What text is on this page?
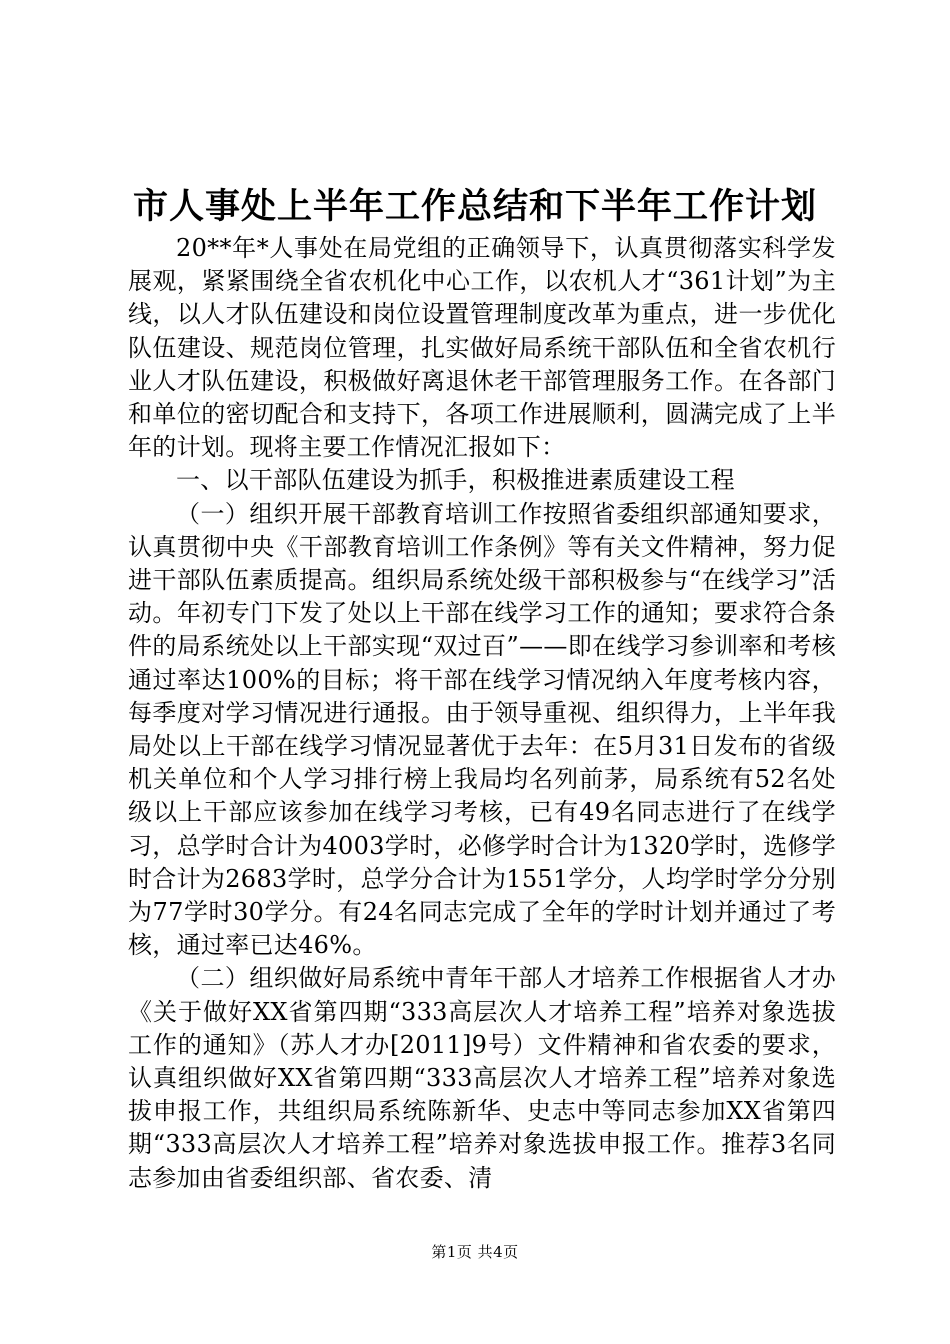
市人事处上半年工作总结和下半年工作计划

20**年*人事处在局党组的正确领导下，认真贯彻落实科学发展观，紧紧围绕全省农机化中心工作，以农机人才“361计划”为主线，以人才队伍建设和岗位设置管理制度改革为重点，进一步优化队伍建设、规范岗位管理，扎实做好局系统干部队伍和全省农机行业人才队伍建设，积极做好离退休老干部管理服务工作。在各部门和单位的密切配合和支持下，各项工作进展顺利，圆满完成了上半年的计划。现将主要工作情况汇报如下：

一、以干部队伍建设为抓手，积极推进素质建设工程

（一）组织开展干部教育培训工作按照省委组织部通知要求，认真贯彻中央《干部教育培训工作条例》等有关文件精神，努力促进干部队伍素质提高。组织局系统处级干部积极参与“在线学习”活动。年初专门下发了处以上干部在线学习工作的通知；要求符合条件的局系统处以上干部实现“双过百”——即在线学习参训率和考核通过率达100%的目标；将干部在线学习情况纳入年度考核内容，每季度对学习情况进行通报。由于领导重视、组织得力，上半年我局处以上干部在线学习情况显著优于去年：在5月31日发布的省级机关单位和个人学习排行榜上我局均名列前茅，局系统有52名处级以上干部应该参加在线学习考核，已有49名同志进行了在线学习，总学时合计为4003学时，必修学时合计为1320学时，选修学时合计为2683学时，总学分合计为1551学分，人均学时学分分别为77学时30学分。有24名同志完成了全年的学时计划并通过了考核，通过率已达46%。

（二）组织做好局系统中青年干部人才培养工作根据省人才办《关于做好XX省第四期“333高层次人才培养工程”培养对象选拔工作的通知》（苏人才办[2011]9号）文件精神和省农委的要求，认真组织做好XX省第四期“333高层次人才培养工程”培养对象选拔申报工作，共组织局系统陈新华、史志中等同志参加XX省第四期“333高层次人才培养工程”培养对象选拔申报工作。推荐3名同志参加由省委组织部、省农委、清

第1页 共4页
